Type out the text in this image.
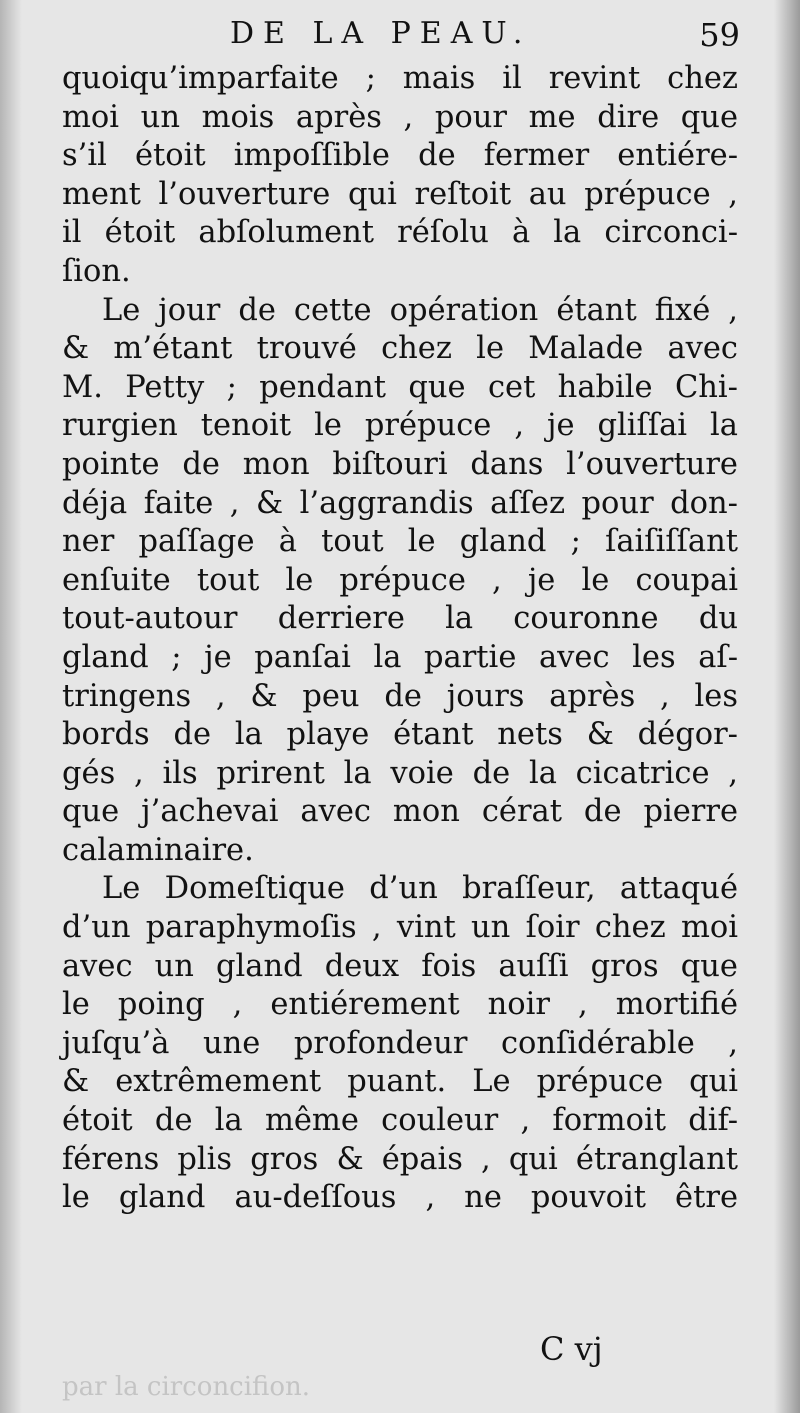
DE LA PEAU.	59
quoiqu’imparfaite ; mais il revint chez
moi un mois après , pour me dire que
s’il étoit impoſſible de fermer entiére-
ment l’ouverture qui reſtoit au prépuce ,
il étoit abſolument réſolu à la circonci-
ſion.
Le jour de cette opération étant fixé ,
& m’étant trouvé chez le Malade avec
M. Petty ; pendant que cet habile Chi-
rurgien tenoit le prépuce , je gliſſai la
pointe de mon biſtouri dans l’ouverture
déja faite , & l’aggrandis aſſez pour don-
ner paſſage à tout le gland ; ſaiſiſſant
enſuite tout le prépuce , je le coupai
tout-autour derriere la couronne du
gland ; je panſai la partie avec les aſ-
tringens , & peu de jours après , les
bords de la playe étant nets & dégor-
gés , ils prirent la voie de la cicatrice ,
que j’achevai avec mon cérat de pierre
calaminaire.
Le Domeſtique d’un braſſeur, attaqué
d’un paraphymoſis , vint un ſoir chez moi
avec un gland deux fois auſſi gros que
le poing , entiérement noir , mortifié
juſqu’à une profondeur conſidérable ,
& extrêmement puant. Le prépuce qui
étoit de la même couleur , formoit dif-
férens plis gros & épais , qui étranglant
le gland au-deſſous , ne pouvoit être
C vj
par la circoncifion.
